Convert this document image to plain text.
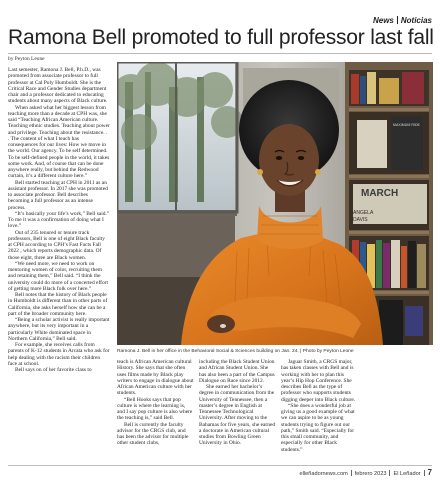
News Noticias
Ramona Bell promoted to full professor last fall
by Peyton Leone

Last semester, Ramona J. Bell, P.h.D., was promoted from associate professor to full professor at Cal Poly Humboldt. She is the Critical Race and Gender Studies department chair and a professor dedicated to educating students about many aspects of Black culture.

When asked what her biggest lesson from teaching more than a decade at CPH was, she said “Teaching African American culture. Teaching ethnic studies. Teaching about power and privilege. Teaching about the resistance. . . The content of what I teach has consequences for our lives: How we move in the world. Our agency. To be self determined. To be self-defined people in the world, it takes some work. And, of course that can be done anywhere really, but behind the Redwood curtain, it’s a different culture here.”

Bell started teaching at CPH in 2011 as an assistant professor. In 2017 she was promoted to associate professor. Bell describes becoming a full professor as an intense process.

“It’s basically your life’s work,” Bell said.” To me it was a confirmation of doing what I love.”

Out of 235 tenured or tenure track professors, Bell is one of eight Black faculty at CPH according to CPH’s Fast Facts Fall 2022 , which reports demographic data. Of those eight, three are Black women.

“We need more, we need to work on mentoring women of color, recruiting them and retaining them,” Bell said. “I think the university could do more of a concerted effort of getting more Black folk over here.”

Bell notes that the history of Black people in Humboldt is different than in other parts of California, she asks herself how she can be a part of the broader community here.

“Being a scholar activist is really important anywhere, but its very important in a particularly White dominated space in Northern California,” Bell said.

For example, she receives calls from parents of K-12 students in Arcata who ask for help dealing with the racism their children face at school.

Bell says on of her favorite class to

MARCH
ANGELA
DAVIS
MAXIMUM RIDE
Ramona J. Bell in her office in the Behavioral Social & Sciences building on Jan. 24. | Photo by Peyton Leone

teach is African American cultural History. She says that she often uses films made by Black play writers to engage in dialogue about African American culture with her students.

“Bell Hooks says that pop culture is where the learning is, and I say pop culture is also where the teaching is,” said Bell.

Bell is currently the faculty advisor for the CRGS club, and has been the advisor for multiple other student clubs,

including the Black Student Union and African Student Union. She has also been a part of the Campus Dialogue on Race since 2012.

She earned her bachelor’s degree in communication from the University of Tennessee, then a master’s degree in English at Tennessee Technological University. After moving to the Bahamas for five years, she earned a doctorate in American cultural studies from Bowling Green University in Ohio.

Jaguar Smith, a CRGS major, has taken classes with Bell and is working with her to plan this year’s Hip Hop Conference. She describes Bell as the type of professor who supports students digging deeper into Black culture.

“She does a wonderful job at giving us a good example of what we can aspire to be as young students trying to figure out our path,” Smith said. “Especially for this small community, and especially for other Black students.”

elleñadornews.com febrero 2023 El Leñador 7
